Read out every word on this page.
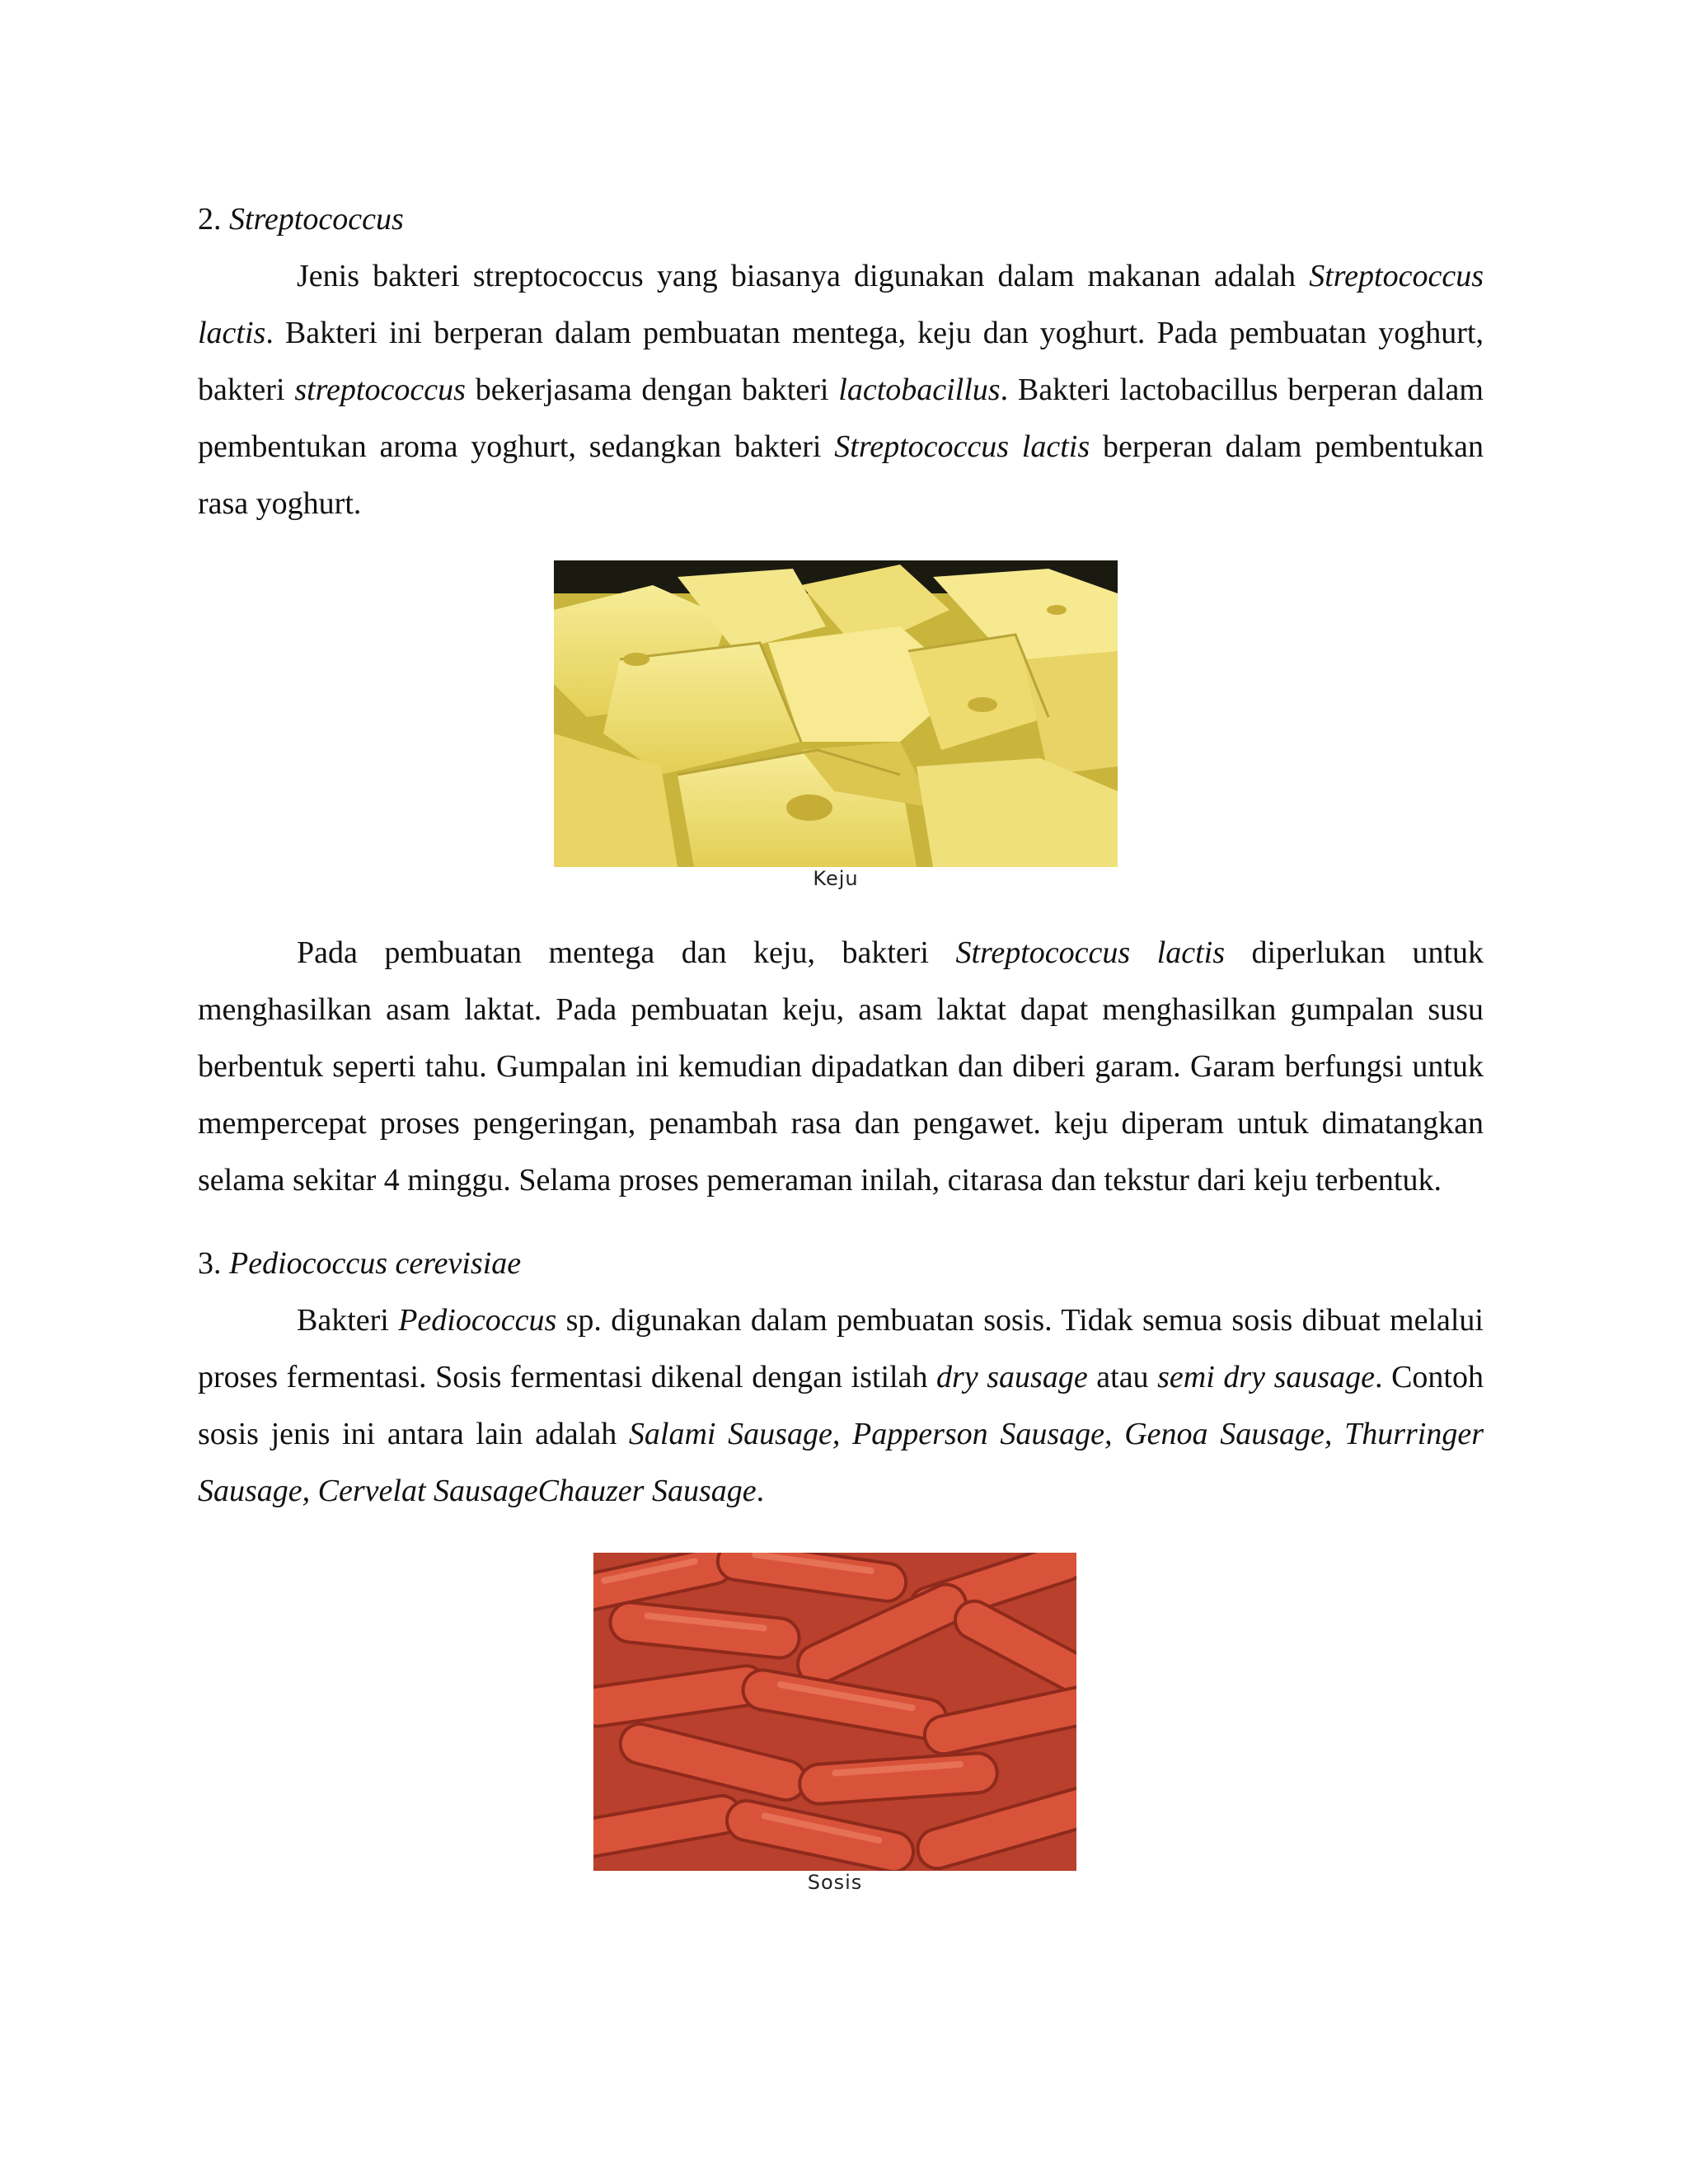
2. Streptococcus

Jenis bakteri streptococcus yang biasanya digunakan dalam makanan adalah Streptococcus lactis. Bakteri ini berperan dalam pembuatan mentega, keju dan yoghurt. Pada pembuatan yoghurt, bakteri streptococcus bekerjasama dengan bakteri lactobacillus. Bakteri lactobacillus berperan dalam pembentukan aroma yoghurt, sedangkan bakteri Streptococcus lactis berperan dalam pembentukan rasa yoghurt.

Keju

Pada pembuatan mentega dan keju, bakteri Streptococcus lactis diperlukan untuk menghasilkan asam laktat. Pada pembuatan keju, asam laktat dapat menghasilkan gumpalan susu berbentuk seperti tahu. Gumpalan ini kemudian dipadatkan dan diberi garam. Garam berfungsi untuk mempercepat proses pengeringan, penambah rasa dan pengawet. keju diperam untuk dimatangkan selama sekitar 4 minggu. Selama proses pemeraman inilah, citarasa dan tekstur dari keju terbentuk.

3. Pediococcus cerevisiae

Bakteri Pediococcus sp. digunakan dalam pembuatan sosis. Tidak semua sosis dibuat melalui proses fermentasi. Sosis fermentasi dikenal dengan istilah dry sausage atau semi dry sausage. Contoh sosis jenis ini antara lain adalah Salami Sausage, Papperson Sausage, Genoa Sausage, Thurringer Sausage, Cervelat SausageChauzer Sausage.

Sosis
